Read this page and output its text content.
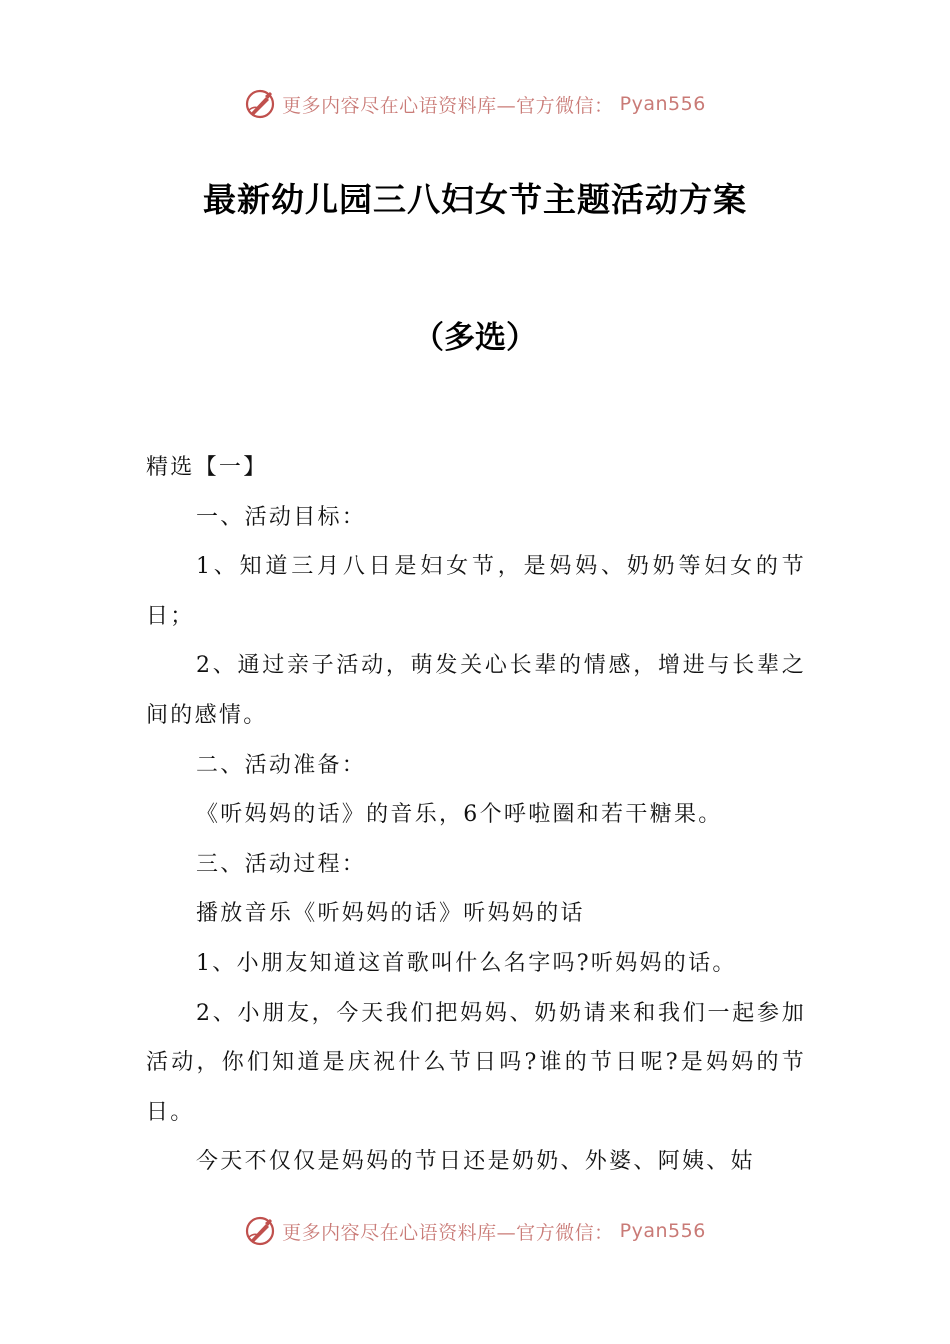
更多内容尽在心语资料库—官方微信： Pyan556
最新幼儿园三八妇女节主题活动方案
（多选）

精选【一】

一、活动目标：

1、知道三月八日是妇女节，是妈妈、奶奶等妇女的节日；

2、通过亲子活动，萌发关心长辈的情感，增进与长辈之间的感情。

二、活动准备：

《听妈妈的话》的音乐，6个呼啦圈和若干糖果。

三、活动过程：

播放音乐《听妈妈的话》听妈妈的话

1、小朋友知道这首歌叫什么名字吗?听妈妈的话。

2、小朋友，今天我们把妈妈、奶奶请来和我们一起参加活动，你们知道是庆祝什么节日吗?谁的节日呢?是妈妈的节日。

今天不仅仅是妈妈的节日还是奶奶、外婆、阿姨、姑

更多内容尽在心语资料库—官方微信： Pyan556
